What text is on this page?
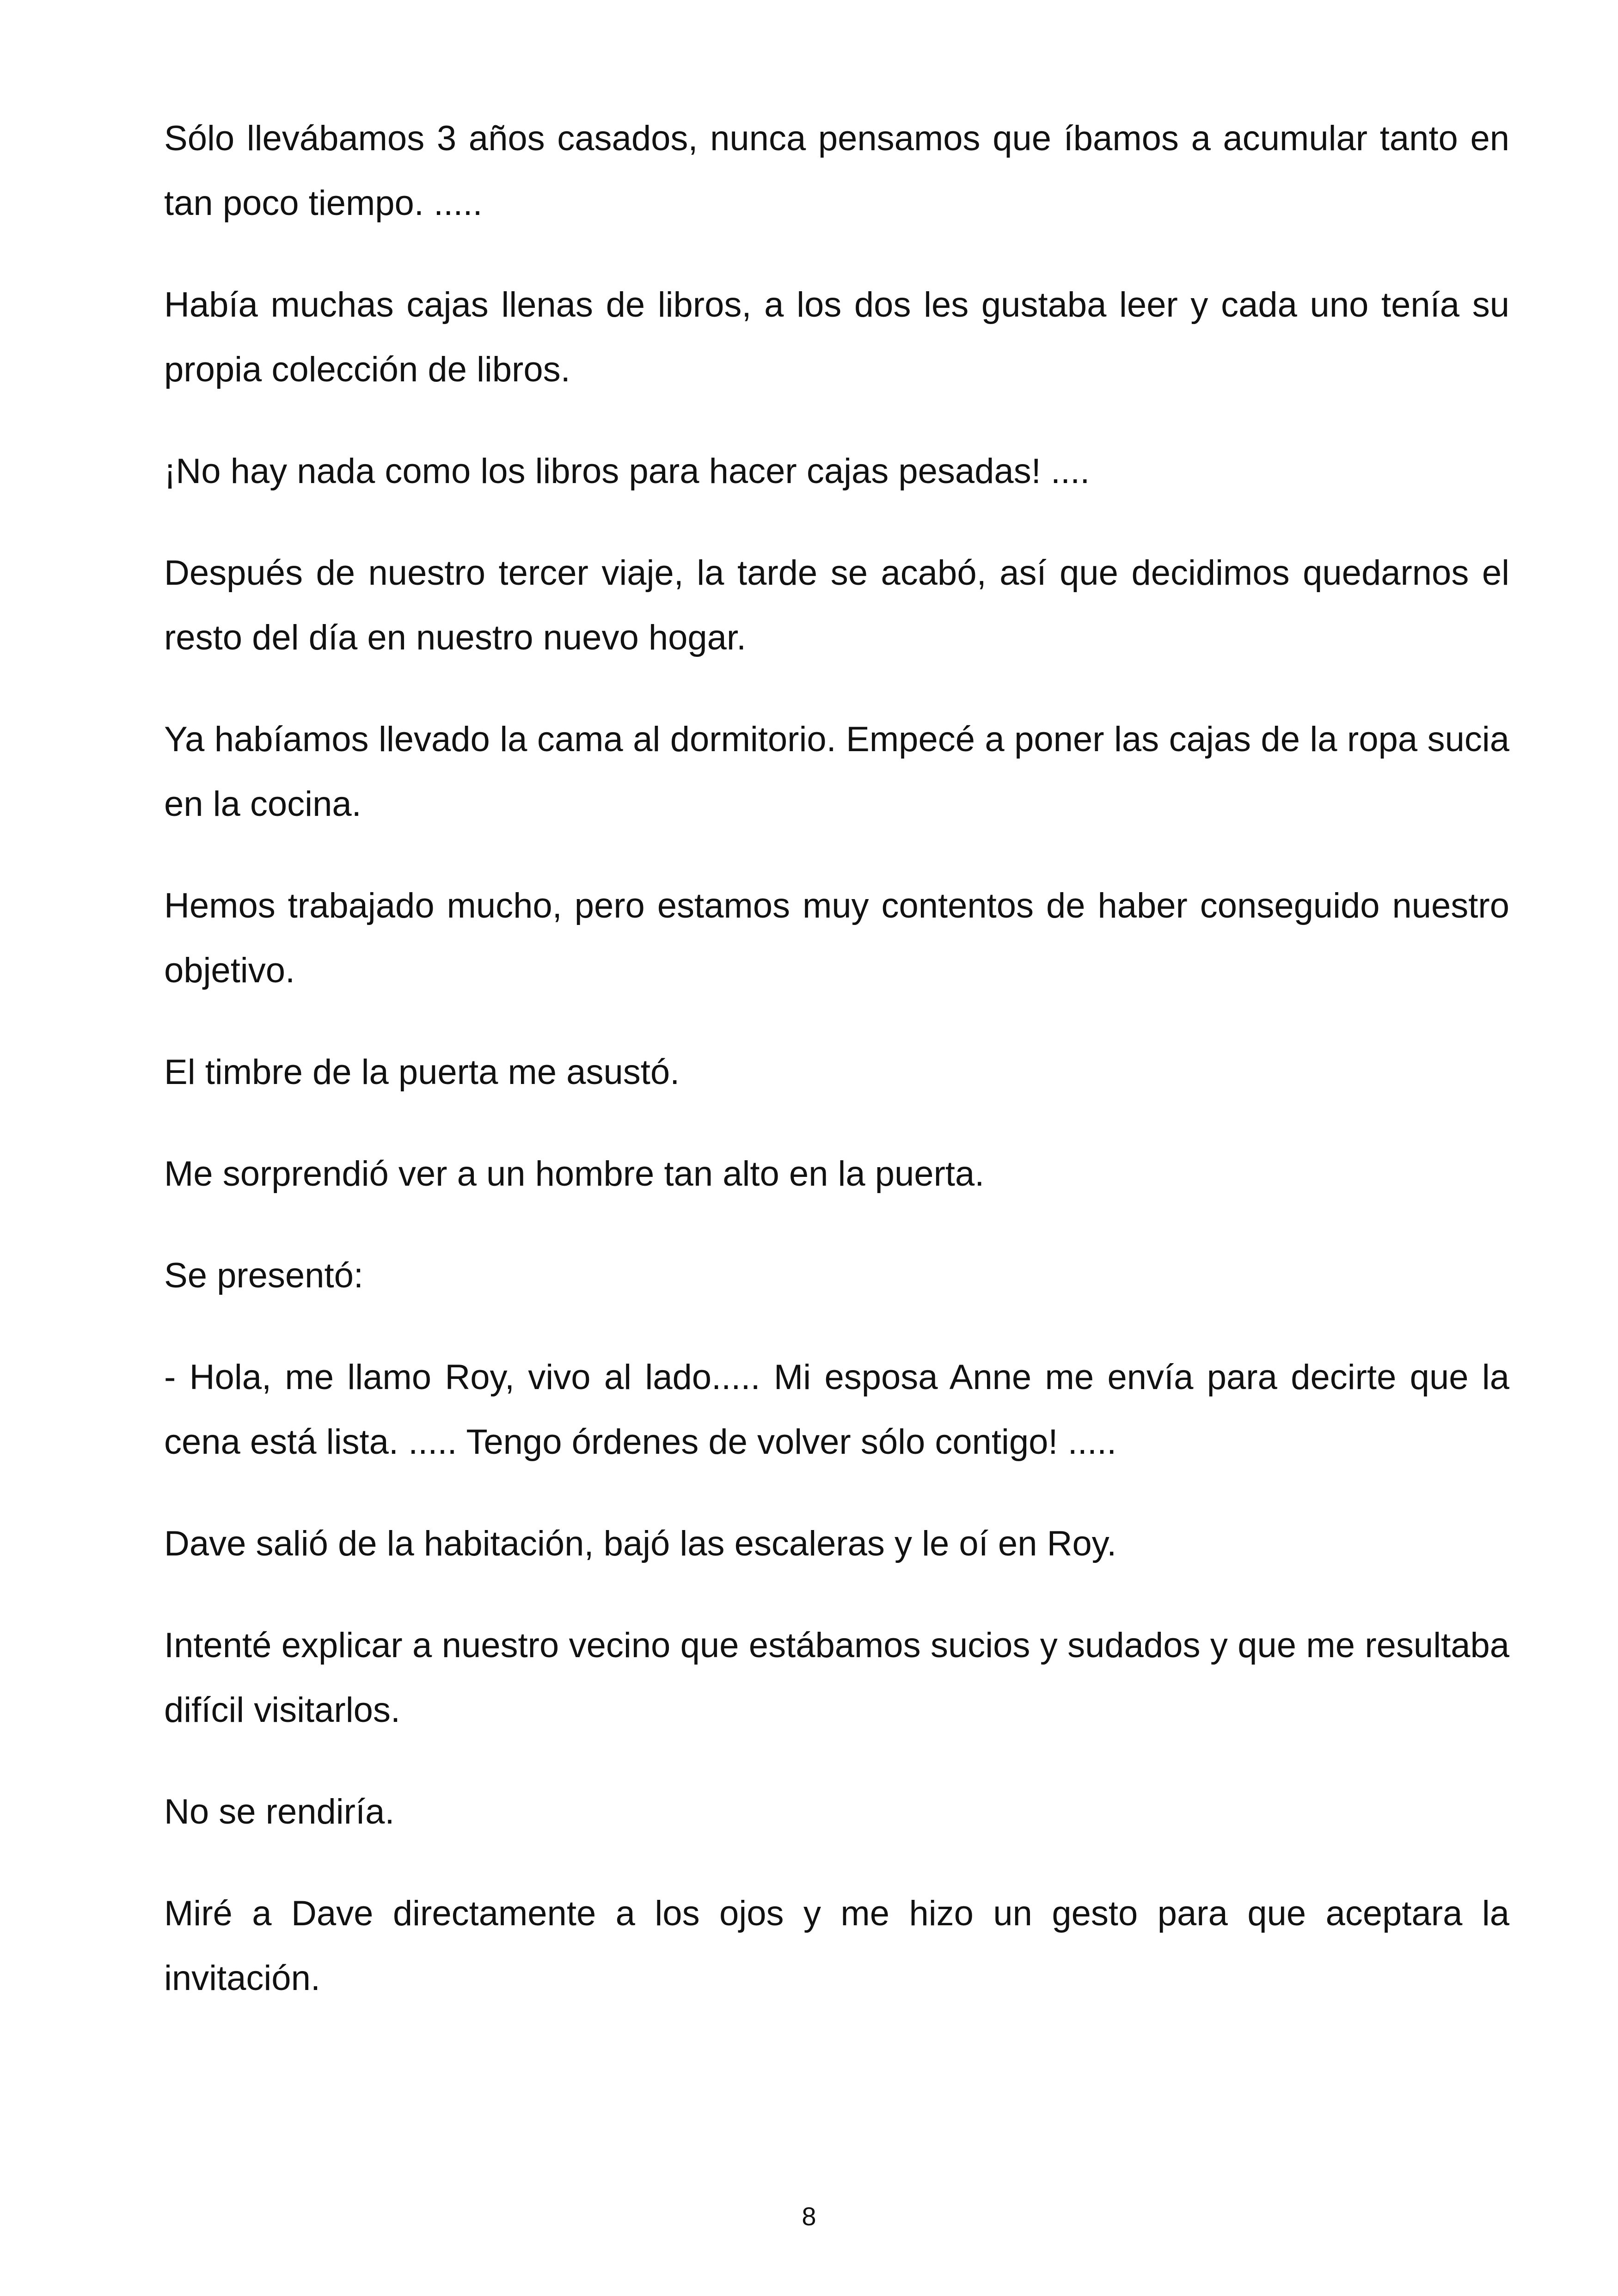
Sólo llevábamos 3 años casados, nunca pensamos que íbamos a acumular tanto en tan poco tiempo. .....

Había muchas cajas llenas de libros, a los dos les gustaba leer y cada uno tenía su propia colección de libros.

¡No hay nada como los libros para hacer cajas pesadas! ....

Después de nuestro tercer viaje, la tarde se acabó, así que decidimos quedarnos el resto del día en nuestro nuevo hogar.

Ya habíamos llevado la cama al dormitorio. Empecé a poner las cajas de la ropa sucia en la cocina.

Hemos trabajado mucho, pero estamos muy contentos de haber conseguido nuestro objetivo.

El timbre de la puerta me asustó.

Me sorprendió ver a un hombre tan alto en la puerta.

Se presentó:

- Hola, me llamo Roy, vivo al lado..... Mi esposa Anne me envía para decirte que la cena está lista. ..... Tengo órdenes de volver sólo contigo! .....

Dave salió de la habitación, bajó las escaleras y le oí en Roy.

Intenté explicar a nuestro vecino que estábamos sucios y sudados y que me resultaba difícil visitarlos.

No se rendiría.

Miré a Dave directamente a los ojos y me hizo un gesto para que aceptara la invitación.

8
